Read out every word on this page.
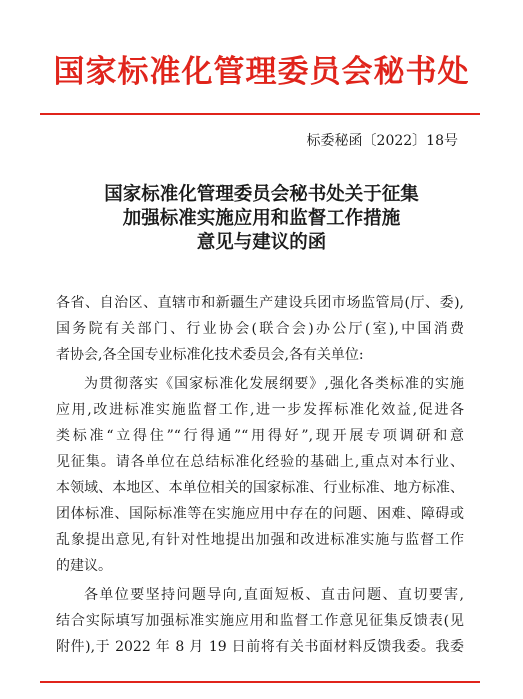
国家标准化管理委员会秘书处
标委秘函〔2022〕18号
国家标准化管理委员会秘书处关于征集
加强标准实施应用和监督工作措施
意见与建议的函
各省、自治区、直辖市和新疆生产建设兵团市场监管局(厅、委),
国务院有关部门、行业协会(联合会)办公厅(室),中国消费
者协会,各全国专业标准化技术委员会,各有关单位:
为贯彻落实《国家标准化发展纲要》,强化各类标准的实施
应用,改进标准实施监督工作,进一步发挥标准化效益,促进各
类标准“立得住”“行得通”“用得好”,现开展专项调研和意
见征集。请各单位在总结标准化经验的基础上,重点对本行业、
本领域、本地区、本单位相关的国家标准、行业标准、地方标准、
团体标准、国际标准等在实施应用中存在的问题、困难、障碍或
乱象提出意见,有针对性地提出加强和改进标准实施与监督工作
的建议。
各单位要坚持问题导向,直面短板、直击问题、直切要害,
结合实际填写加强标准实施应用和监督工作意见征集反馈表(见
附件),于 2022 年 8 月 19 日前将有关书面材料反馈我委。我委
